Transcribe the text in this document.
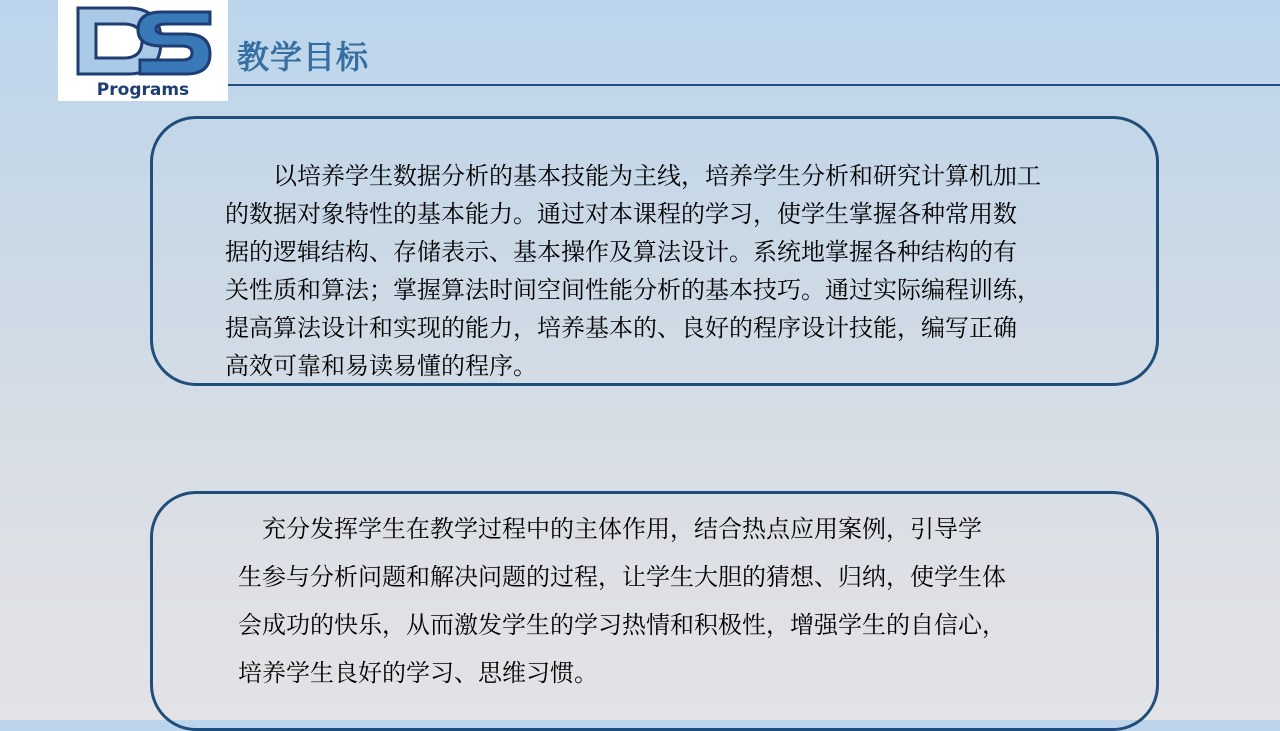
Programs
教学目标

　　以培养学生数据分析的基本技能为主线，培养学生分析和研究计算机加工
的数据对象特性的基本能力。通过对本课程的学习，使学生掌握各种常用数
据的逻辑结构、存储表示、基本操作及算法设计。系统地掌握各种结构的有
关性质和算法；掌握算法时间空间性能分析的基本技巧。通过实际编程训练，
提高算法设计和实现的能力，培养基本的、良好的程序设计技能，编写正确
高效可靠和易读易懂的程序。

　充分发挥学生在教学过程中的主体作用，结合热点应用案例，引导学
生参与分析问题和解决问题的过程，让学生大胆的猜想、归纳，使学生体
会成功的快乐，从而激发学生的学习热情和积极性，增强学生的自信心，
培养学生良好的学习、思维习惯。
